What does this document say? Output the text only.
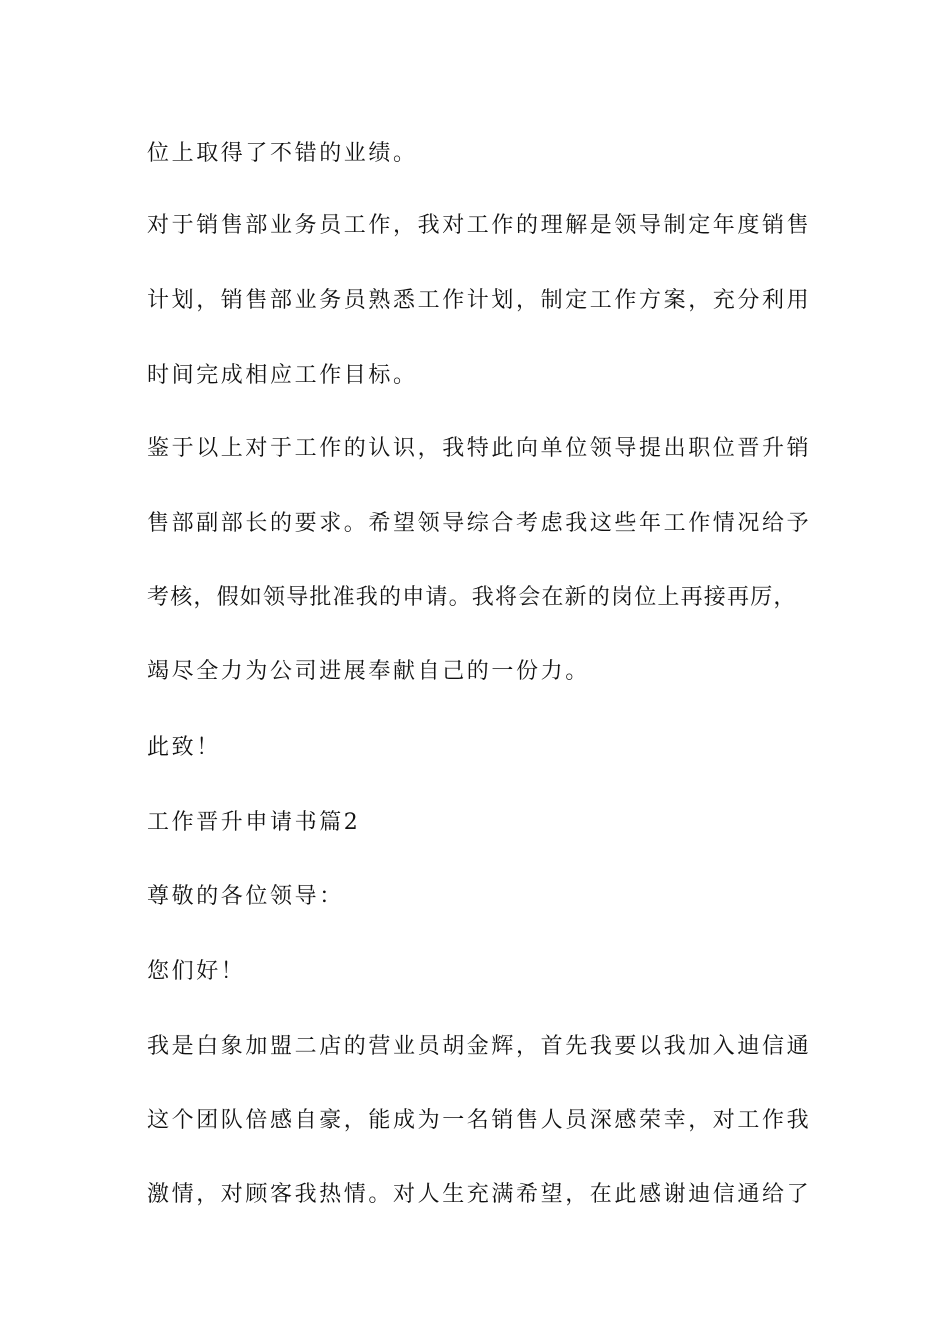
位上取得了不错的业绩。
对于销售部业务员工作，我对工作的理解是领导制定年度销售
计划，销售部业务员熟悉工作计划，制定工作方案，充分利用
时间完成相应工作目标。
鉴于以上对于工作的认识，我特此向单位领导提出职位晋升销
售部副部长的要求。希望领导综合考虑我这些年工作情况给予
考核，假如领导批准我的申请。我将会在新的岗位上再接再厉，
竭尽全力为公司进展奉献自己的一份力。
此致！
工作晋升申请书篇2
尊敬的各位领导：
您们好！
我是白象加盟二店的营业员胡金辉，首先我要以我加入迪信通
这个团队倍感自豪，能成为一名销售人员深感荣幸，对工作我
激情，对顾客我热情。对人生充满希望，在此感谢迪信通给了
